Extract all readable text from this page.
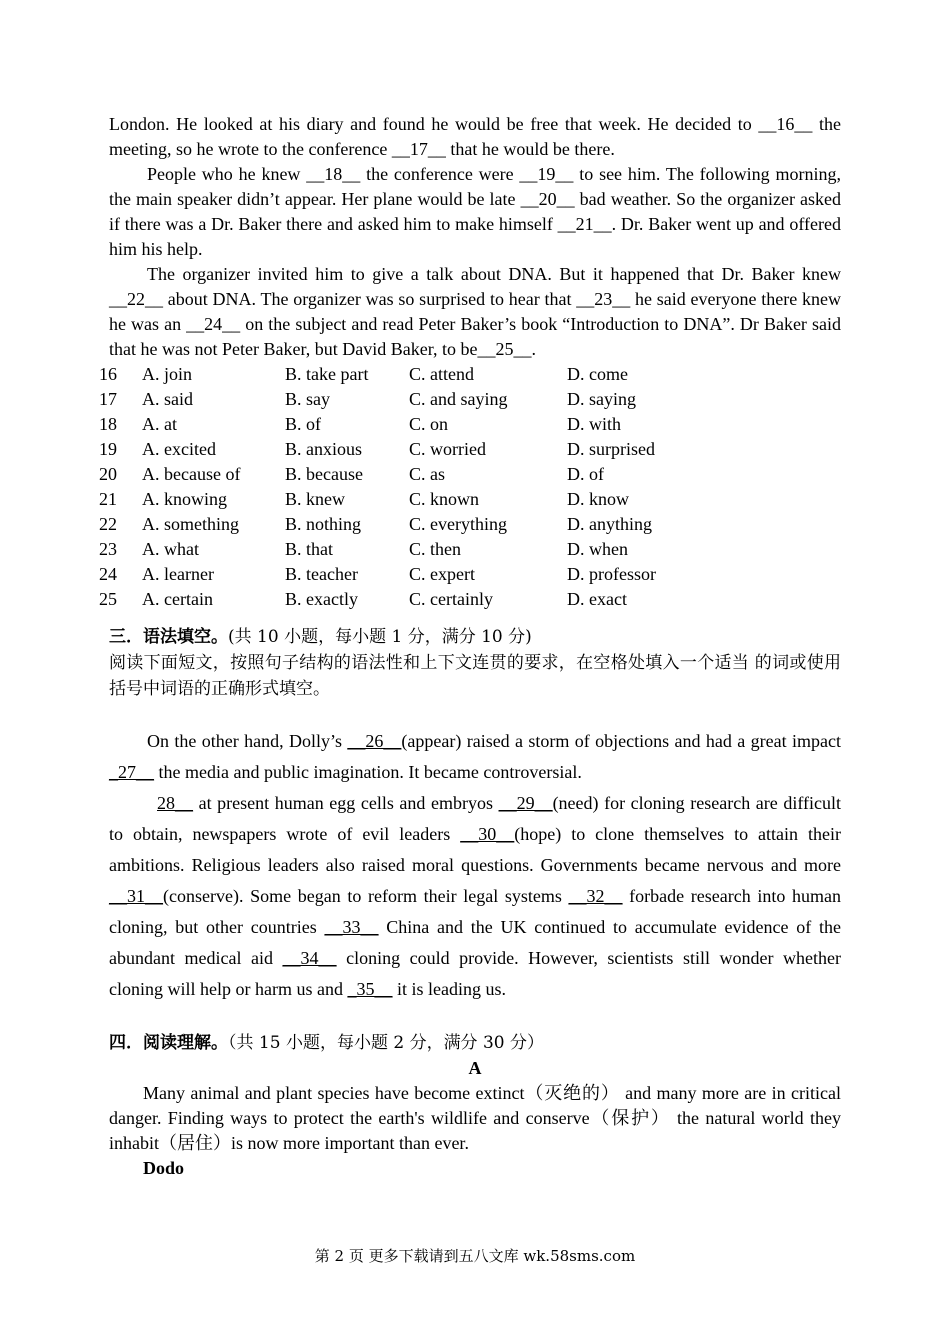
London. He looked at his diary and found he would be free that week. He decided to __16__ the meeting, so he wrote to the conference __17__ that he would be there.

People who he knew __18__ the conference were __19__ to see him. The following morning, the main speaker didn’t appear. Her plane would be late __20__ bad weather. So the organizer asked if there was a Dr. Baker there and asked him to make himself __21__. Dr. Baker went up and offered him his help.

The organizer invited him to give a talk about DNA. But it happened that Dr. Baker knew __22__ about DNA. The organizer was so surprised to hear that __23__ he said everyone there knew he was an __24__ on the subject and read Peter Baker’s book “Introduction to DNA”. Dr Baker said that he was not Peter Baker, but David Baker, to be__25__.

16	A. join	B. take part	C. attend	D. come
17	A. said	B. say	C. and saying	D. saying
18	A. at	B. of	C. on	D. with
19	A. excited	B. anxious	C. worried	D. surprised
20	A. because of	B. because	C. as	D. of
21	A. knowing	B. knew	C. known	D. know
22	A. something	B. nothing	C. everything	D. anything
23	A. what	B. that	C. then	D. when
24	A. learner	B. teacher	C. expert	D. professor
25	A. certain	B. exactly	C. certainly	D. exact
三．语法填空。(共 10 小题，每小题 1 分，满分 10 分)

阅读下面短文，按照句子结构的语法性和上下文连贯的要求，在空格处填入一个适当 的词或使用括号中词语的正确形式填空。

On the other hand, Dolly’s __26__(appear) raised a storm of objections and had a great impact _27__ the media and public imagination. It became controversial.

28__ at present human egg cells and embryos __29__(need) for cloning research are difficult to obtain, newspapers wrote of evil leaders __30__(hope) to clone themselves to attain their ambitions. Religious leaders also raised moral questions. Governments became nervous and more __31__(conserve). Some began to reform their legal systems __32__ forbade research into human cloning, but other countries __33__ China and the UK continued to accumulate evidence of the abundant medical aid __34__ cloning could provide. However, scientists still wonder whether cloning will help or harm us and _35__ it is leading us.

四．阅读理解。（共 15 小题，每小题 2 分，满分 30 分）
A

Many animal and plant species have become extinct（灭绝的） and many more are in critical danger. Finding ways to protect the earth's wildlife and conserve（保护） the natural world they inhabit（居住）is now more important than ever.

Dodo
第 2 页 更多下载请到五八文库 wk.58sms.com
